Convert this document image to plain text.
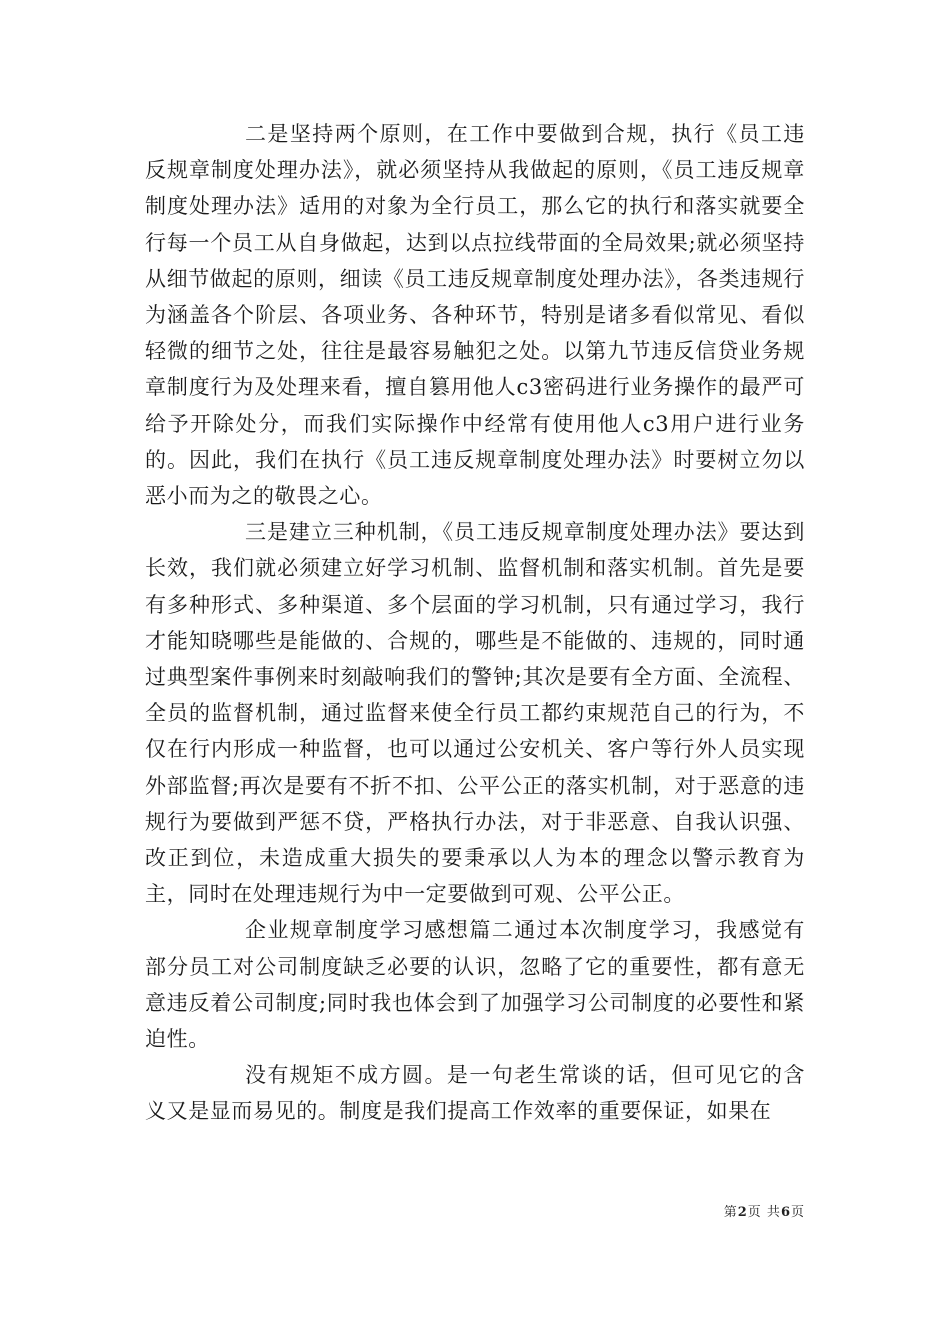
二是坚持两个原则，在工作中要做到合规，执行《员工违反规章制度处理办法》，就必须坚持从我做起的原则，《员工违反规章制度处理办法》适用的对象为全行员工，那么它的执行和落实就要全行每一个员工从自身做起，达到以点拉线带面的全局效果;就必须坚持从细节做起的原则，细读《员工违反规章制度处理办法》，各类违规行为涵盖各个阶层、各项业务、各种环节，特别是诸多看似常见、看似轻微的细节之处，往往是最容易触犯之处。以第九节违反信贷业务规章制度行为及处理来看，擅自篡用他人c3密码进行业务操作的最严可给予开除处分，而我们实际操作中经常有使用他人c3用户进行业务的。因此，我们在执行《员工违反规章制度处理办法》时要树立勿以恶小而为之的敬畏之心。

三是建立三种机制，《员工违反规章制度处理办法》要达到长效，我们就必须建立好学习机制、监督机制和落实机制。首先是要有多种形式、多种渠道、多个层面的学习机制，只有通过学习，我行才能知晓哪些是能做的、合规的，哪些是不能做的、违规的，同时通过典型案件事例来时刻敲响我们的警钟;其次是要有全方面、全流程、全员的监督机制，通过监督来使全行员工都约束规范自己的行为，不仅在行内形成一种监督，也可以通过公安机关、客户等行外人员实现外部监督;再次是要有不折不扣、公平公正的落实机制，对于恶意的违规行为要做到严惩不贷，严格执行办法，对于非恶意、自我认识强、改正到位，未造成重大损失的要秉承以人为本的理念以警示教育为主，同时在处理违规行为中一定要做到可观、公平公正。

企业规章制度学习感想篇二通过本次制度学习，我感觉有部分员工对公司制度缺乏必要的认识，忽略了它的重要性，都有意无意违反着公司制度;同时我也体会到了加强学习公司制度的必要性和紧迫性。

没有规矩不成方圆。是一句老生常谈的话，但可见它的含义又是显而易见的。制度是我们提高工作效率的重要保证，如果在

第2页 共6页
